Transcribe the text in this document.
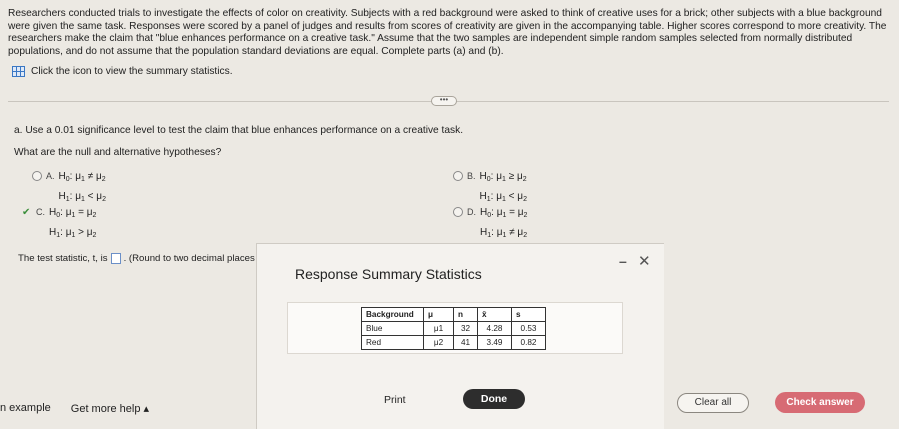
Researchers conducted trials to investigate the effects of color on creativity. Subjects with a red background were asked to think of creative uses for a brick; other subjects with a blue background were given the same task. Responses were scored by a panel of judges and results from scores of creativity are given in the accompanying table. Higher scores correspond to more creativity. The researchers make the claim that "blue enhances performance on a creative task." Assume that the two samples are independent simple random samples selected from normally distributed populations, and do not assume that the population standard deviations are equal. Complete parts (a) and (b).
Click the icon to view the summary statistics.
•••
a. Use a 0.01 significance level to test the claim that blue enhances performance on a creative task.
What are the null and alternative hypotheses?
A. $H_0$: $\mu_1 \ne \mu_2$
$H_1$: $\mu_1 < \mu_2$
B. $H_0$: $\mu_1 \ge \mu_2$
$H_1$: $\mu_1 < \mu_2$
✔ C. $H_0$: $\mu_1 = \mu_2$
$H_1$: $\mu_1 > \mu_2$
D. $H_0$: $\mu_1 = \mu_2$
$H_1$: $\mu_1 \ne \mu_2$
The test statistic, t, is . (Round to two decimal places	– ✕
Response Summary Statistics
Background	μ	n	x̄	s
Blue	μ1	32	4.28	0.53
Red	μ2	41	3.49	0.82
Print	Done
n example Get more help ▴
Clear all	Check answer
